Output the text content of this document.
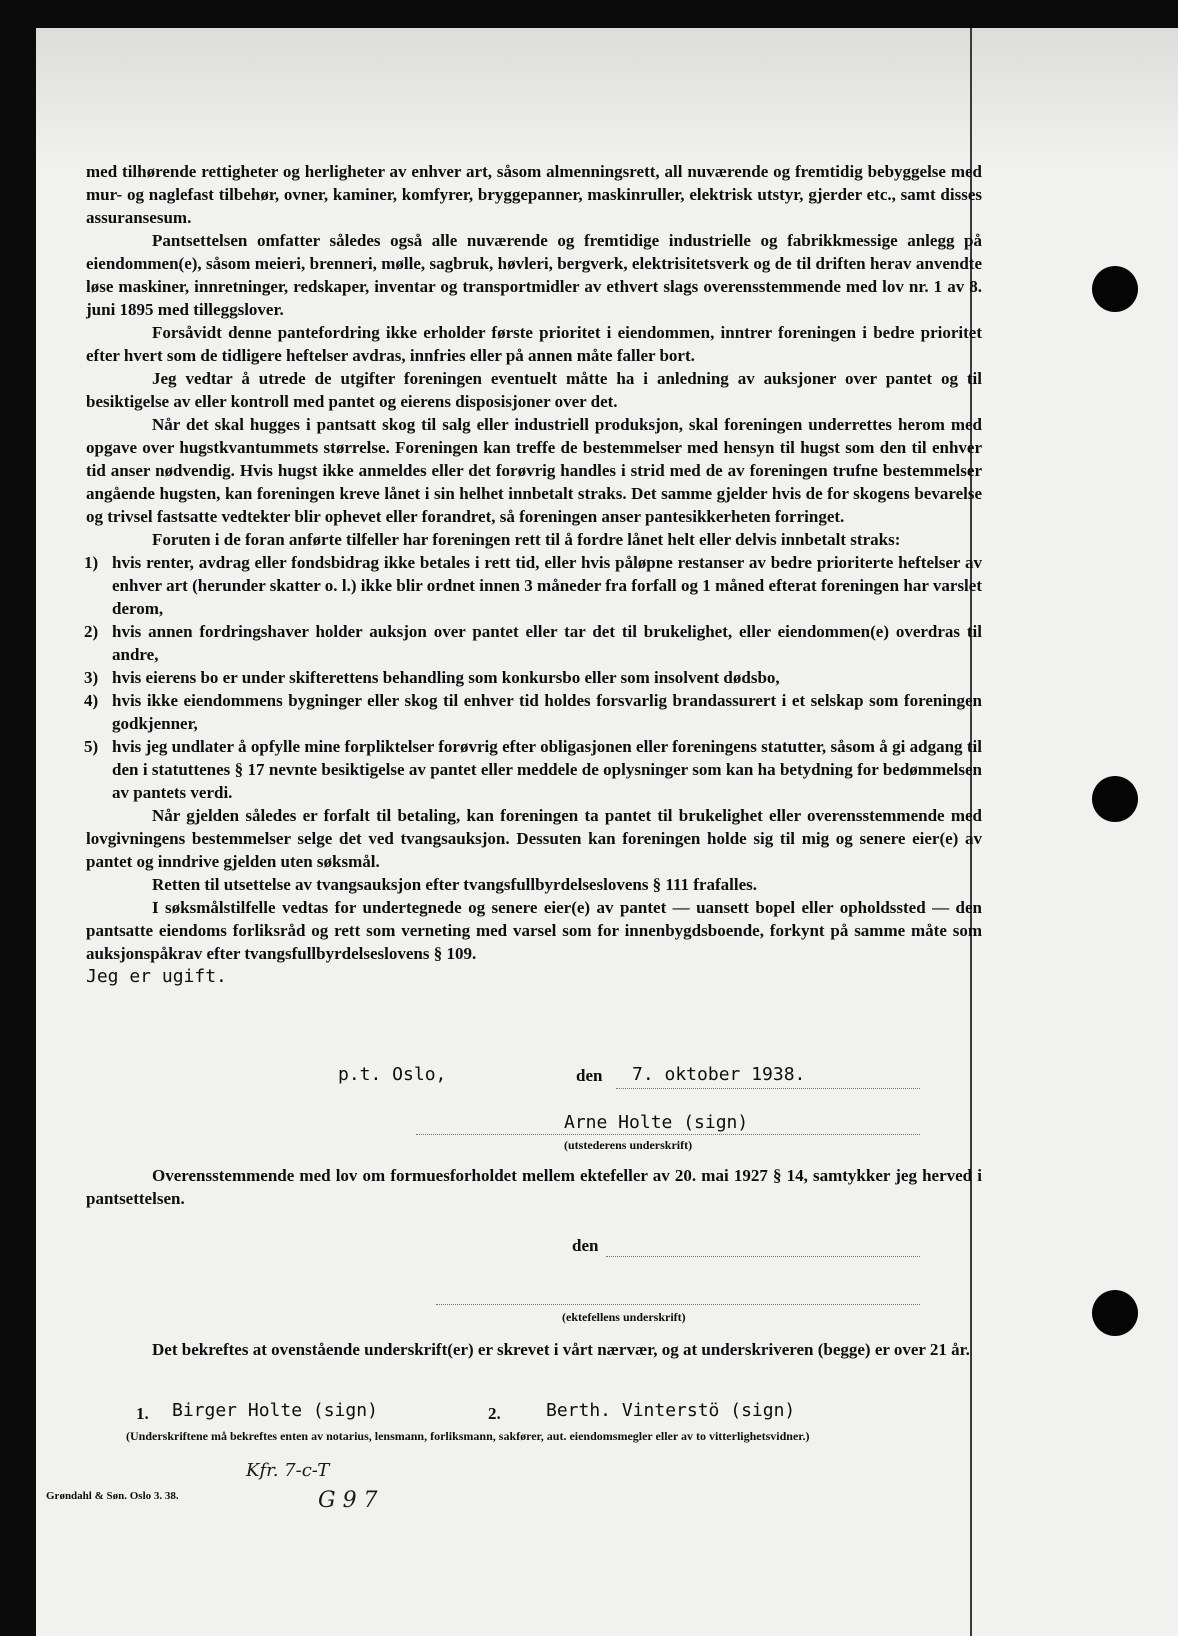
med tilhørende rettigheter og herligheter av enhver art, såsom almenningsrett, all nuværende og fremtidig bebyggelse med mur- og naglefast tilbehør, ovner, kaminer, komfyrer, bryggepanner, maskinruller, elektrisk utstyr, gjerder etc., samt disses assuransesum.

Pantsettelsen omfatter således også alle nuværende og fremtidige industrielle og fabrikkmessige anlegg på eiendommen(e), såsom meieri, brenneri, mølle, sagbruk, høvleri, bergverk, elektrisitetsverk og de til driften herav anvendte løse maskiner, innretninger, redskaper, inventar og transportmidler av ethvert slags overensstemmende med lov nr. 1 av 8. juni 1895 med tilleggslover.

Forsåvidt denne pantefordring ikke erholder første prioritet i eiendommen, inntrer foreningen i bedre prioritet efter hvert som de tidligere heftelser avdras, innfries eller på annen måte faller bort.

Jeg vedtar å utrede de utgifter foreningen eventuelt måtte ha i anledning av auksjoner over pantet og til besiktigelse av eller kontroll med pantet og eierens disposisjoner over det.

Når det skal hugges i pantsatt skog til salg eller industriell produksjon, skal foreningen underrettes herom med opgave over hugstkvantummets størrelse. Foreningen kan treffe de bestemmelser med hensyn til hugst som den til enhver tid anser nødvendig. Hvis hugst ikke anmeldes eller det forøvrig handles i strid med de av foreningen trufne bestemmelser angående hugsten, kan foreningen kreve lånet i sin helhet innbetalt straks. Det samme gjelder hvis de for skogens bevarelse og trivsel fastsatte vedtekter blir ophevet eller forandret, så foreningen anser pantesikkerheten forringet.

Foruten i de foran anførte tilfeller har foreningen rett til å fordre lånet helt eller delvis innbetalt straks:

1) hvis renter, avdrag eller fondsbidrag ikke betales i rett tid, eller hvis påløpne restanser av bedre prioriterte heftelser av enhver art (herunder skatter o. l.) ikke blir ordnet innen 3 måneder fra forfall og 1 måned efterat foreningen har varslet derom,
2) hvis annen fordringshaver holder auksjon over pantet eller tar det til brukelighet, eller eiendommen(e) overdras til andre,
3) hvis eierens bo er under skifterettens behandling som konkursbo eller som insolvent dødsbo,
4) hvis ikke eiendommens bygninger eller skog til enhver tid holdes forsvarlig brandassurert i et selskap som foreningen godkjenner,
5) hvis jeg undlater å opfylle mine forpliktelser forøvrig efter obligasjonen eller foreningens statutter, såsom å gi adgang til den i statuttenes § 17 nevnte besiktigelse av pantet eller meddele de oplysninger som kan ha betydning for bedømmelsen av pantets verdi.

Når gjelden således er forfalt til betaling, kan foreningen ta pantet til brukelighet eller overensstemmende med lovgivningens bestemmelser selge det ved tvangsauksjon. Dessuten kan foreningen holde sig til mig og senere eier(e) av pantet og inndrive gjelden uten søksmål.

Retten til utsettelse av tvangsauksjon efter tvangsfullbyrdelseslovens § 111 frafalles.

I søksmålstilfelle vedtas for undertegnede og senere eier(e) av pantet — uansett bopel eller opholdssted — den pantsatte eiendoms forliksråd og rett som verneting med varsel som for innenbygdsboende, forkynt på samme måte som auksjonspåkrav efter tvangsfullbyrdelseslovens § 109.

Jeg er ugift.

p.t. Oslo,	den 7. oktober 1938.
Arne Holte (sign)
(utstederens underskrift)

Overensstemmende med lov om formuesforholdet mellem ektefeller av 20. mai 1927 § 14, samtykker jeg herved i pantsettelsen.

den
(ektefellens underskrift)

Det bekreftes at ovenstående underskrift(er) er skrevet i vårt nærvær, og at underskriveren (begge) er over 21 år.

1. Birger Holte (sign)	2.	Berth. Vinterstö (sign)

(Underskriftene må bekreftes enten av notarius, lensmann, forliksmann, sakfører, aut. eiendomsmegler eller av to vitterlighetsvidner.)

Kfr. 7-c-T
G 9 7
Grøndahl & Søn. Oslo 3. 38.
